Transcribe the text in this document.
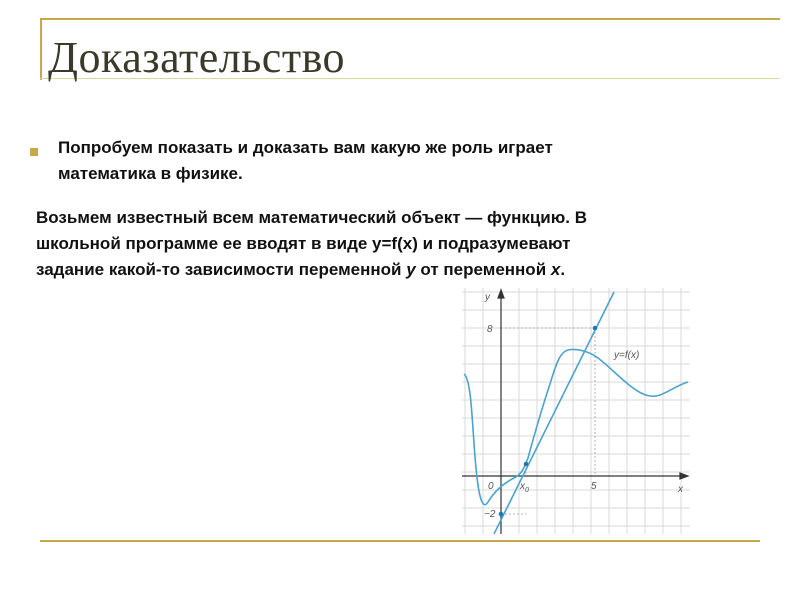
Доказательство
Попробуем показать и доказать вам какую же роль играет
математика в физике.
Возьмем известный всем математический объект — функцию. В
школьной программе ее вводят в виде y=f(x) и подразумевают
задание какой-то зависимости переменной y от переменной x.
y
x
0	$x_0$	5
8
−2
y=f(x)
